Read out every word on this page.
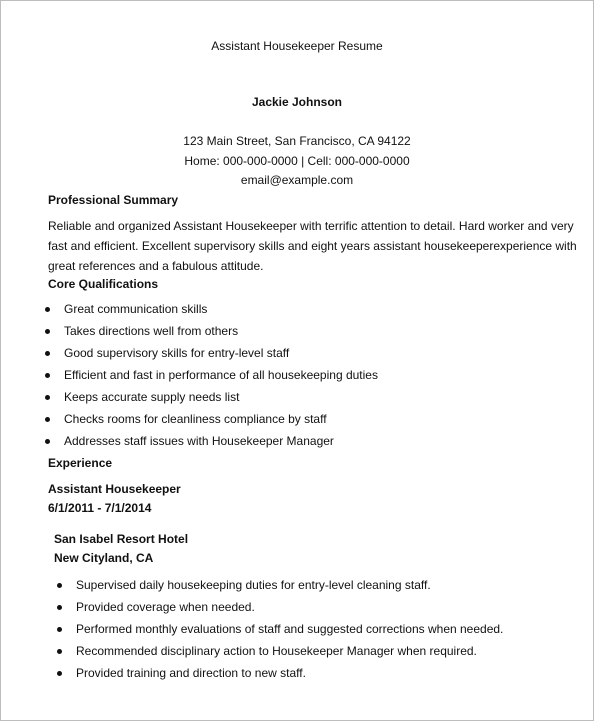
Assistant Housekeeper Resume
Jackie Johnson
123 Main Street, San Francisco, CA 94122
Home: 000-000-0000 | Cell: 000-000-0000
email@example.com
Professional Summary
Reliable and organized Assistant Housekeeper with terrific attention to detail. Hard worker and very
fast and efficient. Excellent supervisory skills and eight years assistant housekeeperexperience with
great references and a fabulous attitude.
Core Qualifications
Great communication skills
Takes directions well from others
Good supervisory skills for entry-level staff
Efficient and fast in performance of all housekeeping duties
Keeps accurate supply needs list
Checks rooms for cleanliness compliance by staff
Addresses staff issues with Housekeeper Manager
Experience
Assistant Housekeeper
6/1/2011 - 7/1/2014
San Isabel Resort Hotel
New Cityland, CA
Supervised daily housekeeping duties for entry-level cleaning staff.
Provided coverage when needed.
Performed monthly evaluations of staff and suggested corrections when needed.
Recommended disciplinary action to Housekeeper Manager when required.
Provided training and direction to new staff.
